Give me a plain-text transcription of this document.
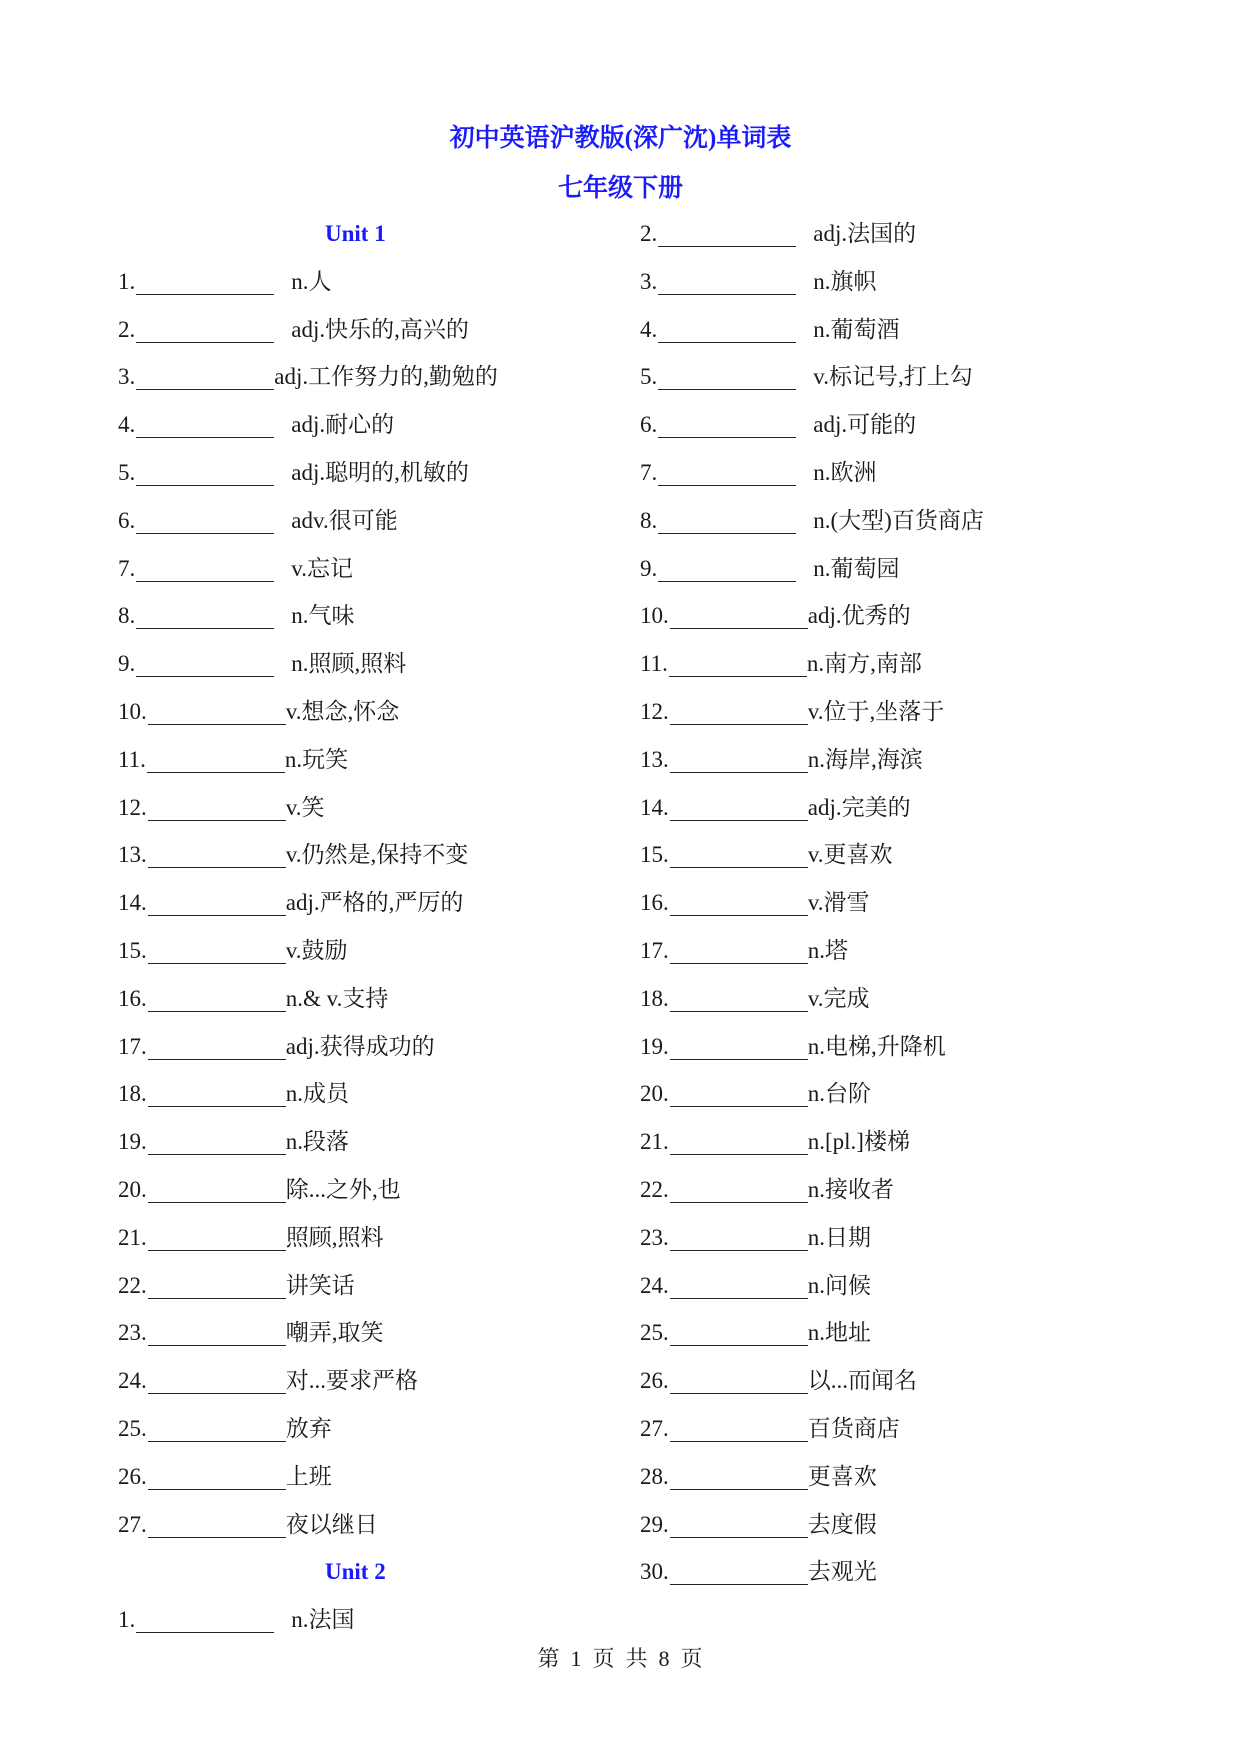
初中英语沪教版(深广沈)单词表
七年级下册
Unit 1
1.	n.人
2.	adj.快乐的,高兴的
3.	adj.工作努力的,勤勉的
4.	adj.耐心的
5.	adj.聪明的,机敏的
6.	adv.很可能
7.	v.忘记
8.	n.气味
9.	n.照顾,照料
10.	v.想念,怀念
11.	n.玩笑
12.	v.笑
13.	v.仍然是,保持不变
14.	adj.严格的,严厉的
15.	v.鼓励
16.	n.& v.支持
17.	adj.获得成功的
18.	n.成员
19.	n.段落
20.	除...之外,也
21.	照顾,照料
22.	讲笑话
23.	嘲弄,取笑
24.	对...要求严格
25.	放弃
26.	上班
27.	夜以继日
Unit 2
1.	n.法国
2.	adj.法国的
3.	n.旗帜
4.	n.葡萄酒
5.	v.标记号,打上勾
6.	adj.可能的
7.	n.欧洲
8.	n.(大型)百货商店
9.	n.葡萄园
10.	adj.优秀的
11.	n.南方,南部
12.	v.位于,坐落于
13.	n.海岸,海滨
14.	adj.完美的
15.	v.更喜欢
16.	v.滑雪
17.	n.塔
18.	v.完成
19.	n.电梯,升降机
20.	n.台阶
21.	n.[pl.]楼梯
22.	n.接收者
23.	n.日期
24.	n.问候
25.	n.地址
26.	以...而闻名
27.	百货商店
28.	更喜欢
29.	去度假
30.	去观光
第 1 页 共 8 页
